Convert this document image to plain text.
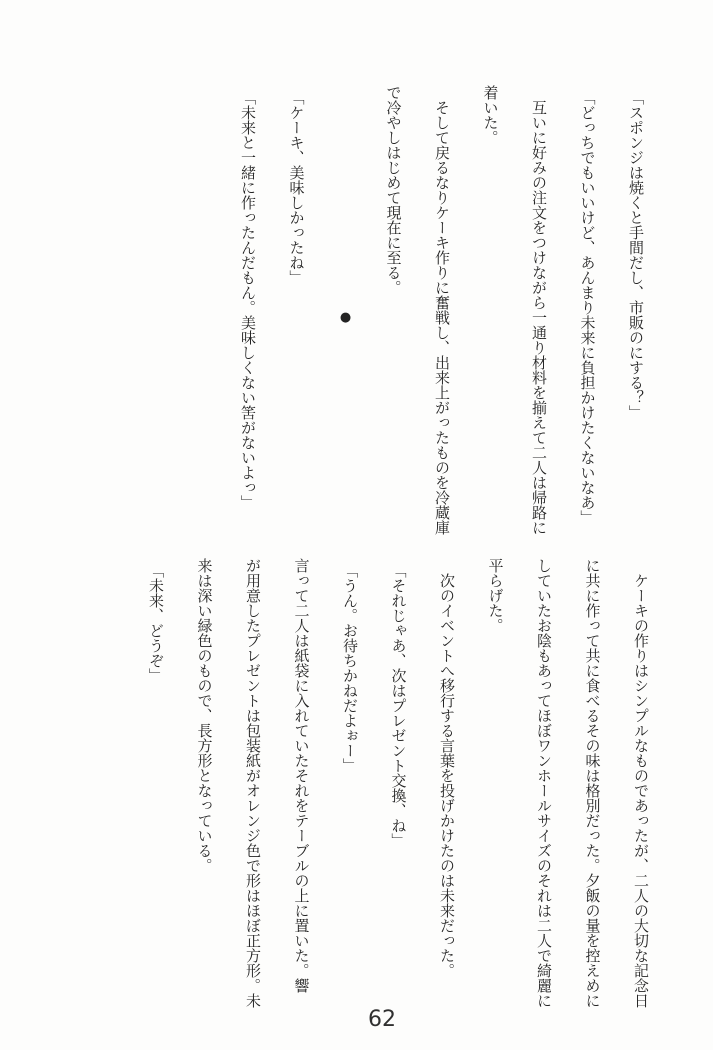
「スポンジは焼くと手間だし、市販のにする？」

「どっちでもいいけど、あんまり未来に負担かけたくないなあ」

互いに好みの注文をつけながら一通り材料を揃えて二人は帰路に

着いた。

そして戻るなりケーキ作りに奮戦し、出来上がったものを冷蔵庫

で冷やしはじめて現在に至る。

●

「ケーキ、美味しかったね」

「未来と一緒に作ったんだもん。美味しくない筈がないよっ」

ケーキの作りはシンプルなものであったが、二人の大切な記念日

に共に作って共に食べるその味は格別だった。夕飯の量を控えめに

していたお陰もあってほぼワンホールサイズのそれは二人で綺麗に

平らげた。

次のイベントへ移行する言葉を投げかけたのは未来だった。

「それじゃあ、次はプレゼント交換、ね」

「うん。お待ちかねだよぉー」

言って二人は紙袋に入れていたそれをテーブルの上に置いた。響

が用意したプレゼントは包装紙がオレンジ色で形はほぼ正方形。未

来は深い緑色のもので、長方形となっている。

「未来、どうぞ」

62
